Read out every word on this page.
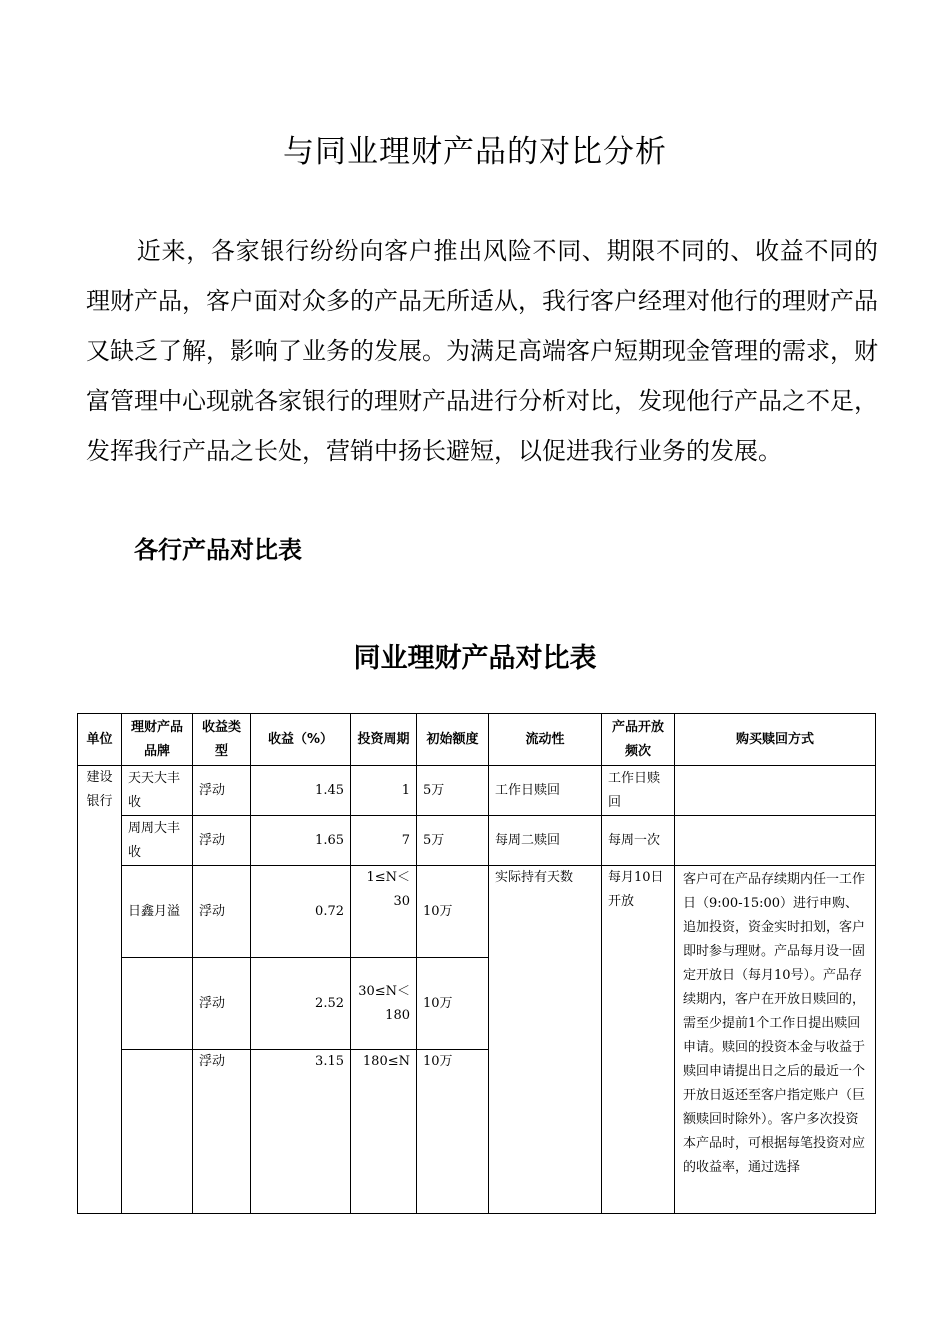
与同业理财产品的对比分析
近来，各家银行纷纷向客户推出风险不同、期限不同的、收益不同的理财产品，客户面对众多的产品无所适从，我行客户经理对他行的理财产品又缺乏了解，影响了业务的发展。为满足高端客户短期现金管理的需求，财富管理中心现就各家银行的理财产品进行分析对比，发现他行产品之不足，发挥我行产品之长处，营销中扬长避短，以促进我行业务的发展。
各行产品对比表
同业理财产品对比表
单位	理财产品品牌	收益类型	收益（%）	投资周期	初始额度	流动性	产品开放频次	购买赎回方式
建设银行	天天大丰收	浮动	1.45	1	5万	工作日赎回	工作日赎回	
	周周大丰收	浮动	1.65	7	5万	每周二赎回	每周一次	
	日鑫月溢	浮动	0.72	1≤N＜30	10万	实际持有天数	每月10日开放	客户可在产品存续期内任一工作日（9:00-15:00）进行申购、追加投资，资金实时扣划，客户即时参与理财。产品每月设一固定开放日（每月10号）。产品存续期内，客户在开放日赎回的，需至少提前1个工作日提出赎回申请。赎回的投资本金与收益于赎回申请提出日之后的最近一个开放日返还至客户指定账户（巨额赎回时除外）。客户多次投资本产品时，可根据每笔投资对应的收益率，通过选择
		浮动	2.52	30≤N＜180	10万			
		浮动	3.15	180≤N	10万			
